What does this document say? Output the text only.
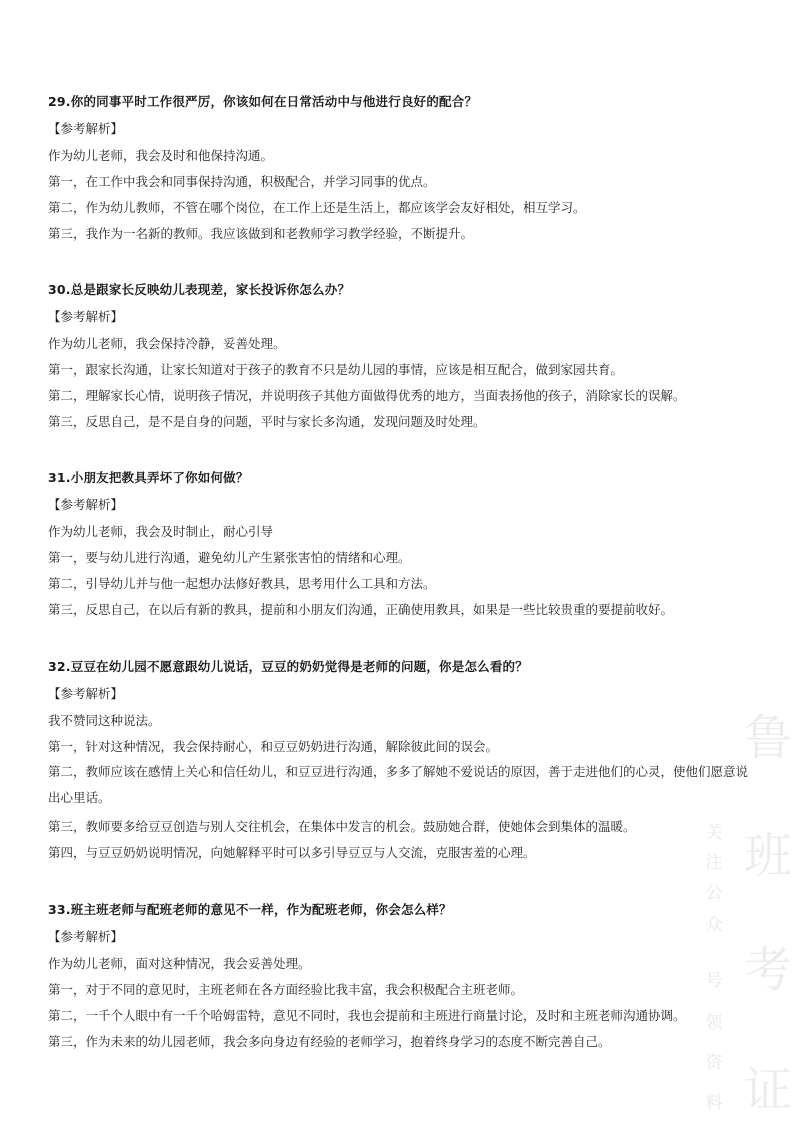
29.你的同事平时工作很严厉，你该如何在日常活动中与他进行良好的配合？
【参考解析】
作为幼儿老师，我会及时和他保持沟通。
第一，在工作中我会和同事保持沟通，积极配合，并学习同事的优点。
第二，作为幼儿教师，不管在哪个岗位，在工作上还是生活上，都应该学会友好相处，相互学习。
第三，我作为一名新的教师。我应该做到和老教师学习教学经验，不断提升。
30.总是跟家长反映幼儿表现差，家长投诉你怎么办？
【参考解析】
作为幼儿老师，我会保持冷静，妥善处理。
第一，跟家长沟通，让家长知道对于孩子的教育不只是幼儿园的事情，应该是相互配合，做到家园共育。
第二，理解家长心情，说明孩子情况，并说明孩子其他方面做得优秀的地方，当面表扬他的孩子，消除家长的误解。
第三，反思自己，是不是自身的问题，平时与家长多沟通，发现问题及时处理。
31.小朋友把教具弄坏了你如何做？
【参考解析】
作为幼儿老师，我会及时制止，耐心引导
第一，要与幼儿进行沟通，避免幼儿产生紧张害怕的情绪和心理。
第二，引导幼儿并与他一起想办法修好教具，思考用什么工具和方法。
第三，反思自己，在以后有新的教具，提前和小朋友们沟通，正确使用教具，如果是一些比较贵重的要提前收好。
32.豆豆在幼儿园不愿意跟幼儿说话，豆豆的奶奶觉得是老师的问题，你是怎么看的？
【参考解析】
我不赞同这种说法。
第一，针对这种情况，我会保持耐心，和豆豆奶奶进行沟通，解除彼此间的误会。
第二，教师应该在感情上关心和信任幼儿，和豆豆进行沟通，多多了解她不爱说话的原因，善于走进他们的心灵，使他们愿意说出心里话。
第三，教师要多给豆豆创造与别人交往机会，在集体中发言的机会。鼓励她合群，使她体会到集体的温暖。
第四，与豆豆奶奶说明情况，向她解释平时可以多引导豆豆与人交流，克服害羞的心理。
33.班主班老师与配班老师的意见不一样，作为配班老师，你会怎么样？
【参考解析】
作为幼儿老师，面对这种情况，我会妥善处理。
第一，对于不同的意见时，主班老师在各方面经验比我丰富，我会积极配合主班老师。
第二，一千个人眼中有一千个哈姆雷特，意见不同时，我也会提前和主班进行商量讨论，及时和主班老师沟通协调。
第三，作为未来的幼儿园老师，我会多向身边有经验的老师学习，抱着终身学习的态度不断完善自己。
鲁
班
考
证
关
注
公
众
号
领
资
料
